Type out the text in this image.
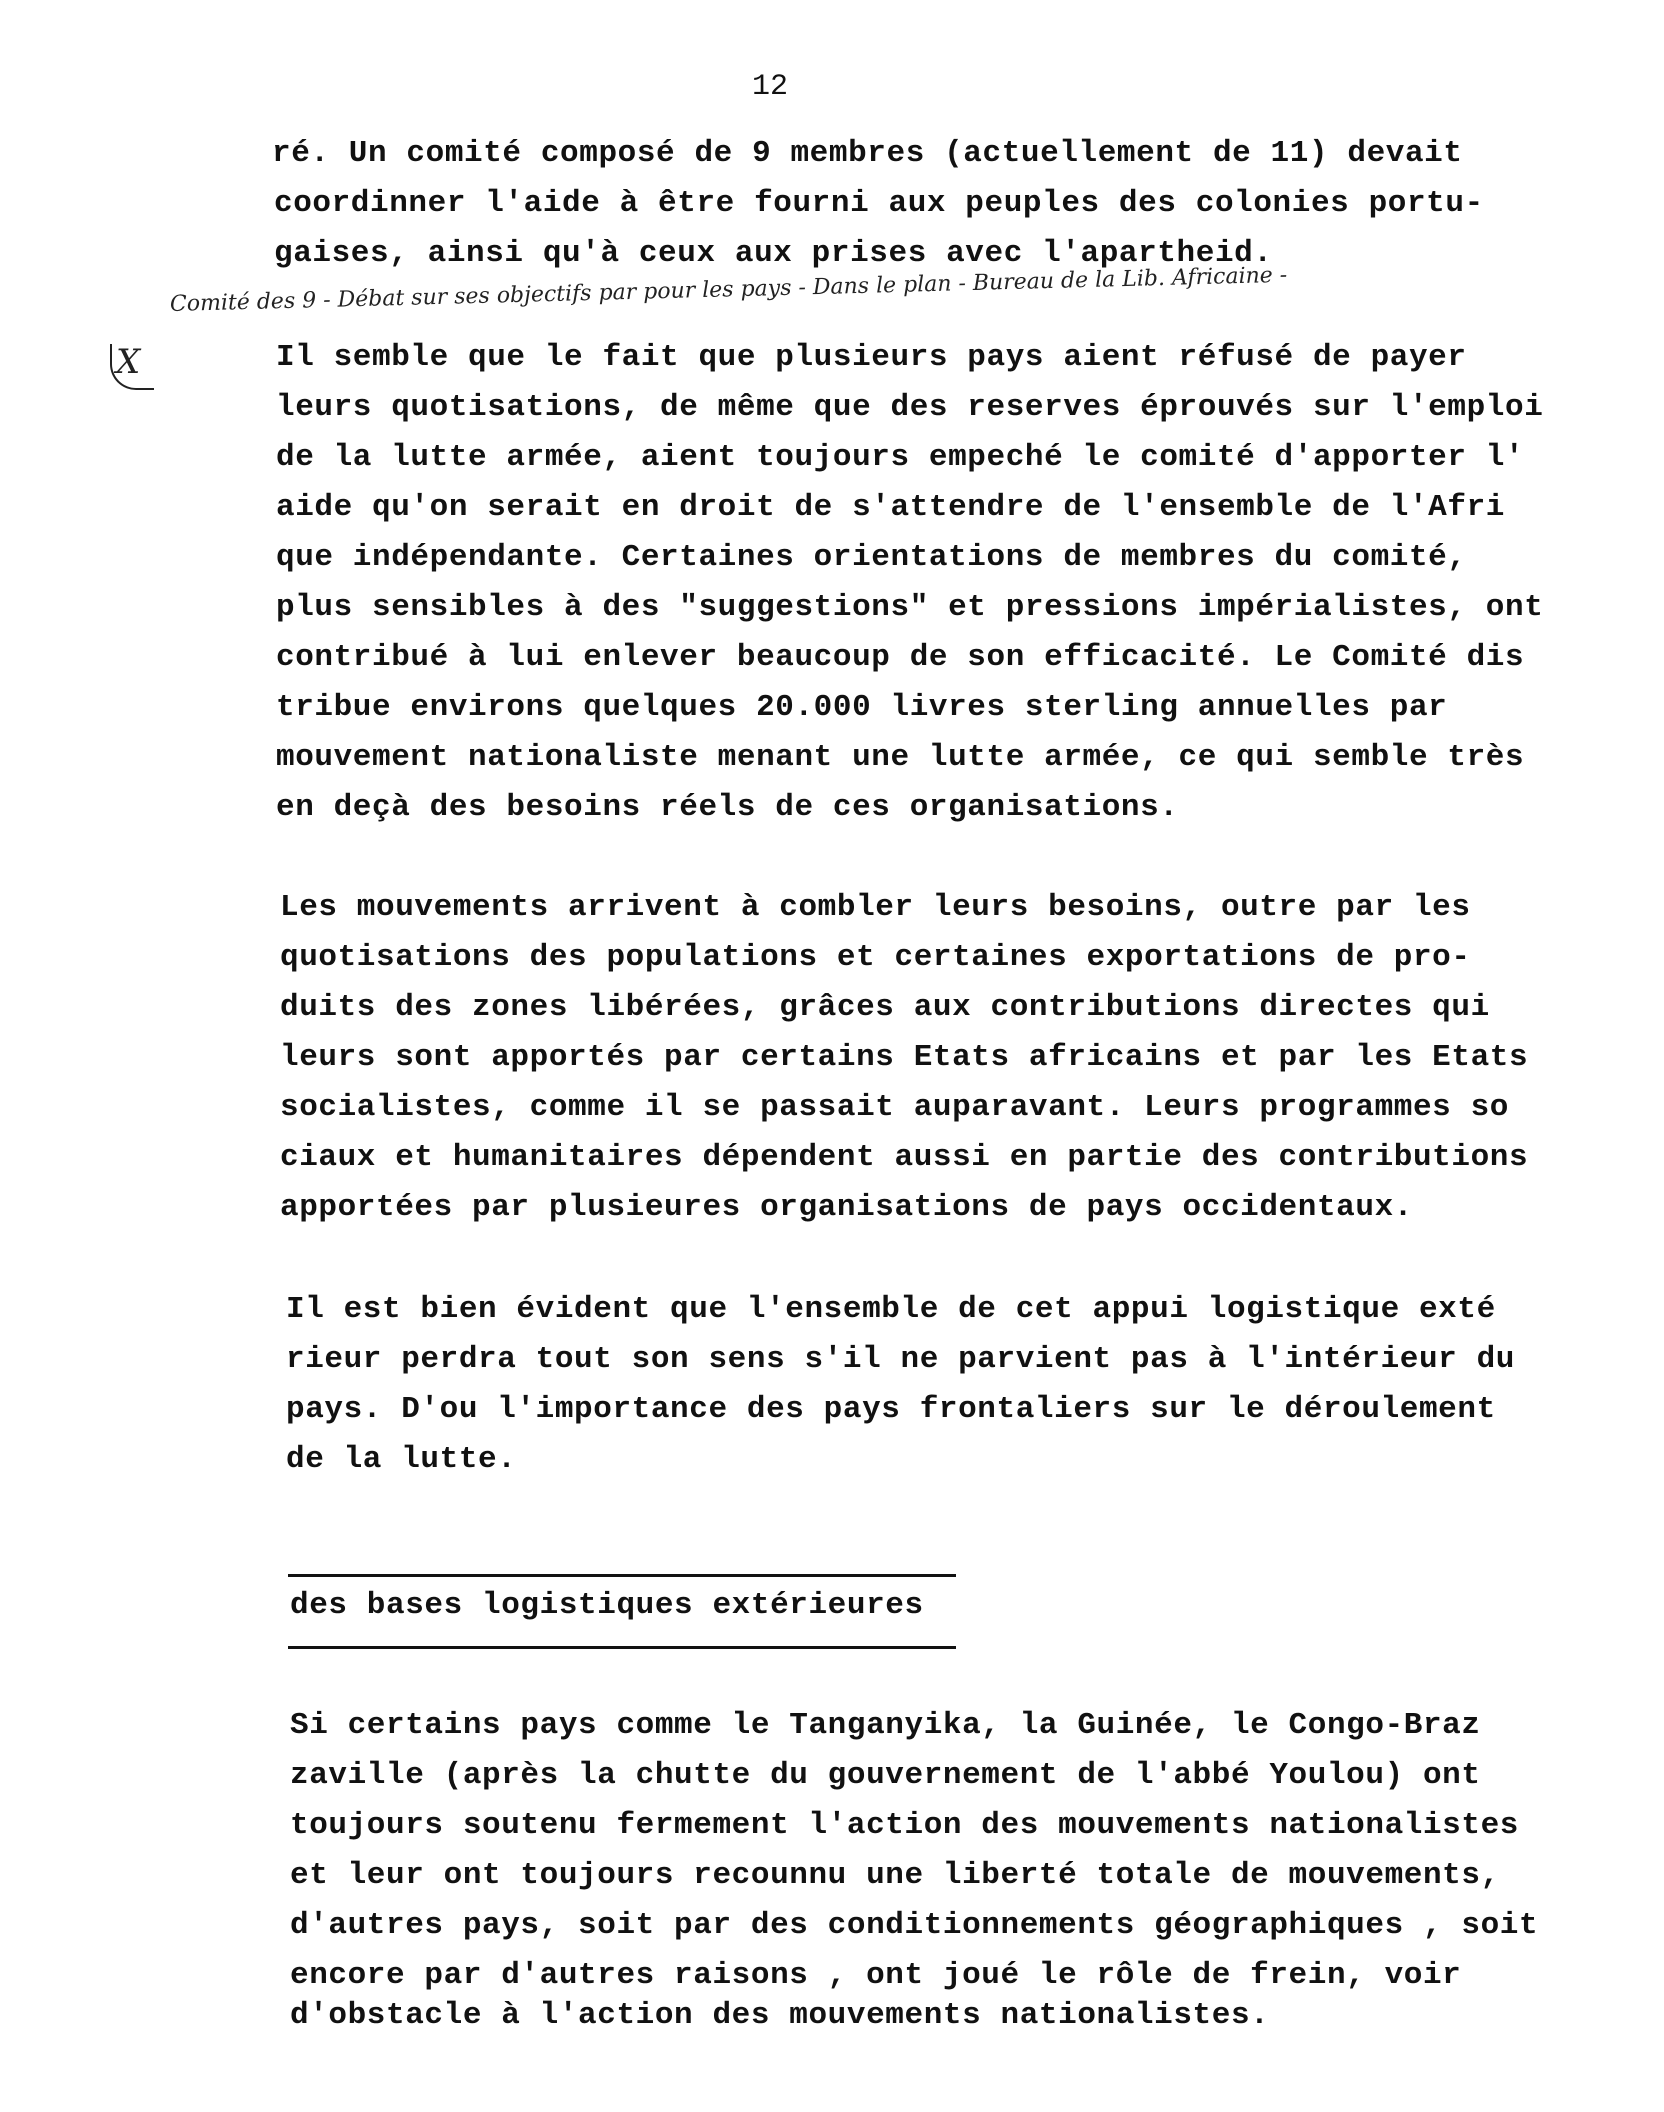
12
ré. Un comité composé de 9 membres (actuellement de 11) devait
coordinner l'aide à être fourni aux peuples des colonies portu-
gaises, ainsi qu'à ceux aux prises avec l'apartheid.
Comité des 9 - Débat sur ses objectifs par pour les pays - Dans le plan - Bureau de la Lib. Africaine -
X	Il semble que le fait que plusieurs pays aient réfusé de payer
leurs quotisations, de même que des reserves éprouvés sur l'emploi
de la lutte armée, aient toujours empeché le comité d'apporter l'
aide qu'on serait en droit de s'attendre de l'ensemble de l'Afri
que indépendante. Certaines orientations de membres du comité,
plus sensibles à des "suggestions" et pressions impérialistes, ont
contribué à lui enlever beaucoup de son efficacité. Le Comité dis
tribue environs quelques 20.000 livres sterling annuelles par
mouvement nationaliste menant une lutte armée, ce qui semble très
en deçà des besoins réels de ces organisations.
Les mouvements arrivent à combler leurs besoins, outre par les
quotisations des populations et certaines exportations de pro-
duits des zones libérées, grâces aux contributions directes qui
leurs sont apportés par certains Etats africains et par les Etats
socialistes, comme il se passait auparavant. Leurs programmes so
ciaux et humanitaires dépendent aussi en partie des contributions
apportées par plusieures organisations de pays occidentaux.
Il est bien évident que l'ensemble de cet appui logistique exté
rieur perdra tout son sens s'il ne parvient pas à l'intérieur du
pays. D'ou l'importance des pays frontaliers sur le déroulement
de la lutte.
des bases logistiques extérieures
Si certains pays comme le Tanganyika, la Guinée, le Congo-Braz
zaville (après la chutte du gouvernement de l'abbé Youlou) ont
toujours soutenu fermement l'action des mouvements nationalistes
et leur ont toujours recounnu une liberté totale de mouvements,
d'autres pays, soit par des conditionnements géographiques , soit
encore par d'autres raisons , ont joué le rôle de frein, voir
d'obstacle à l'action des mouvements nationalistes.
